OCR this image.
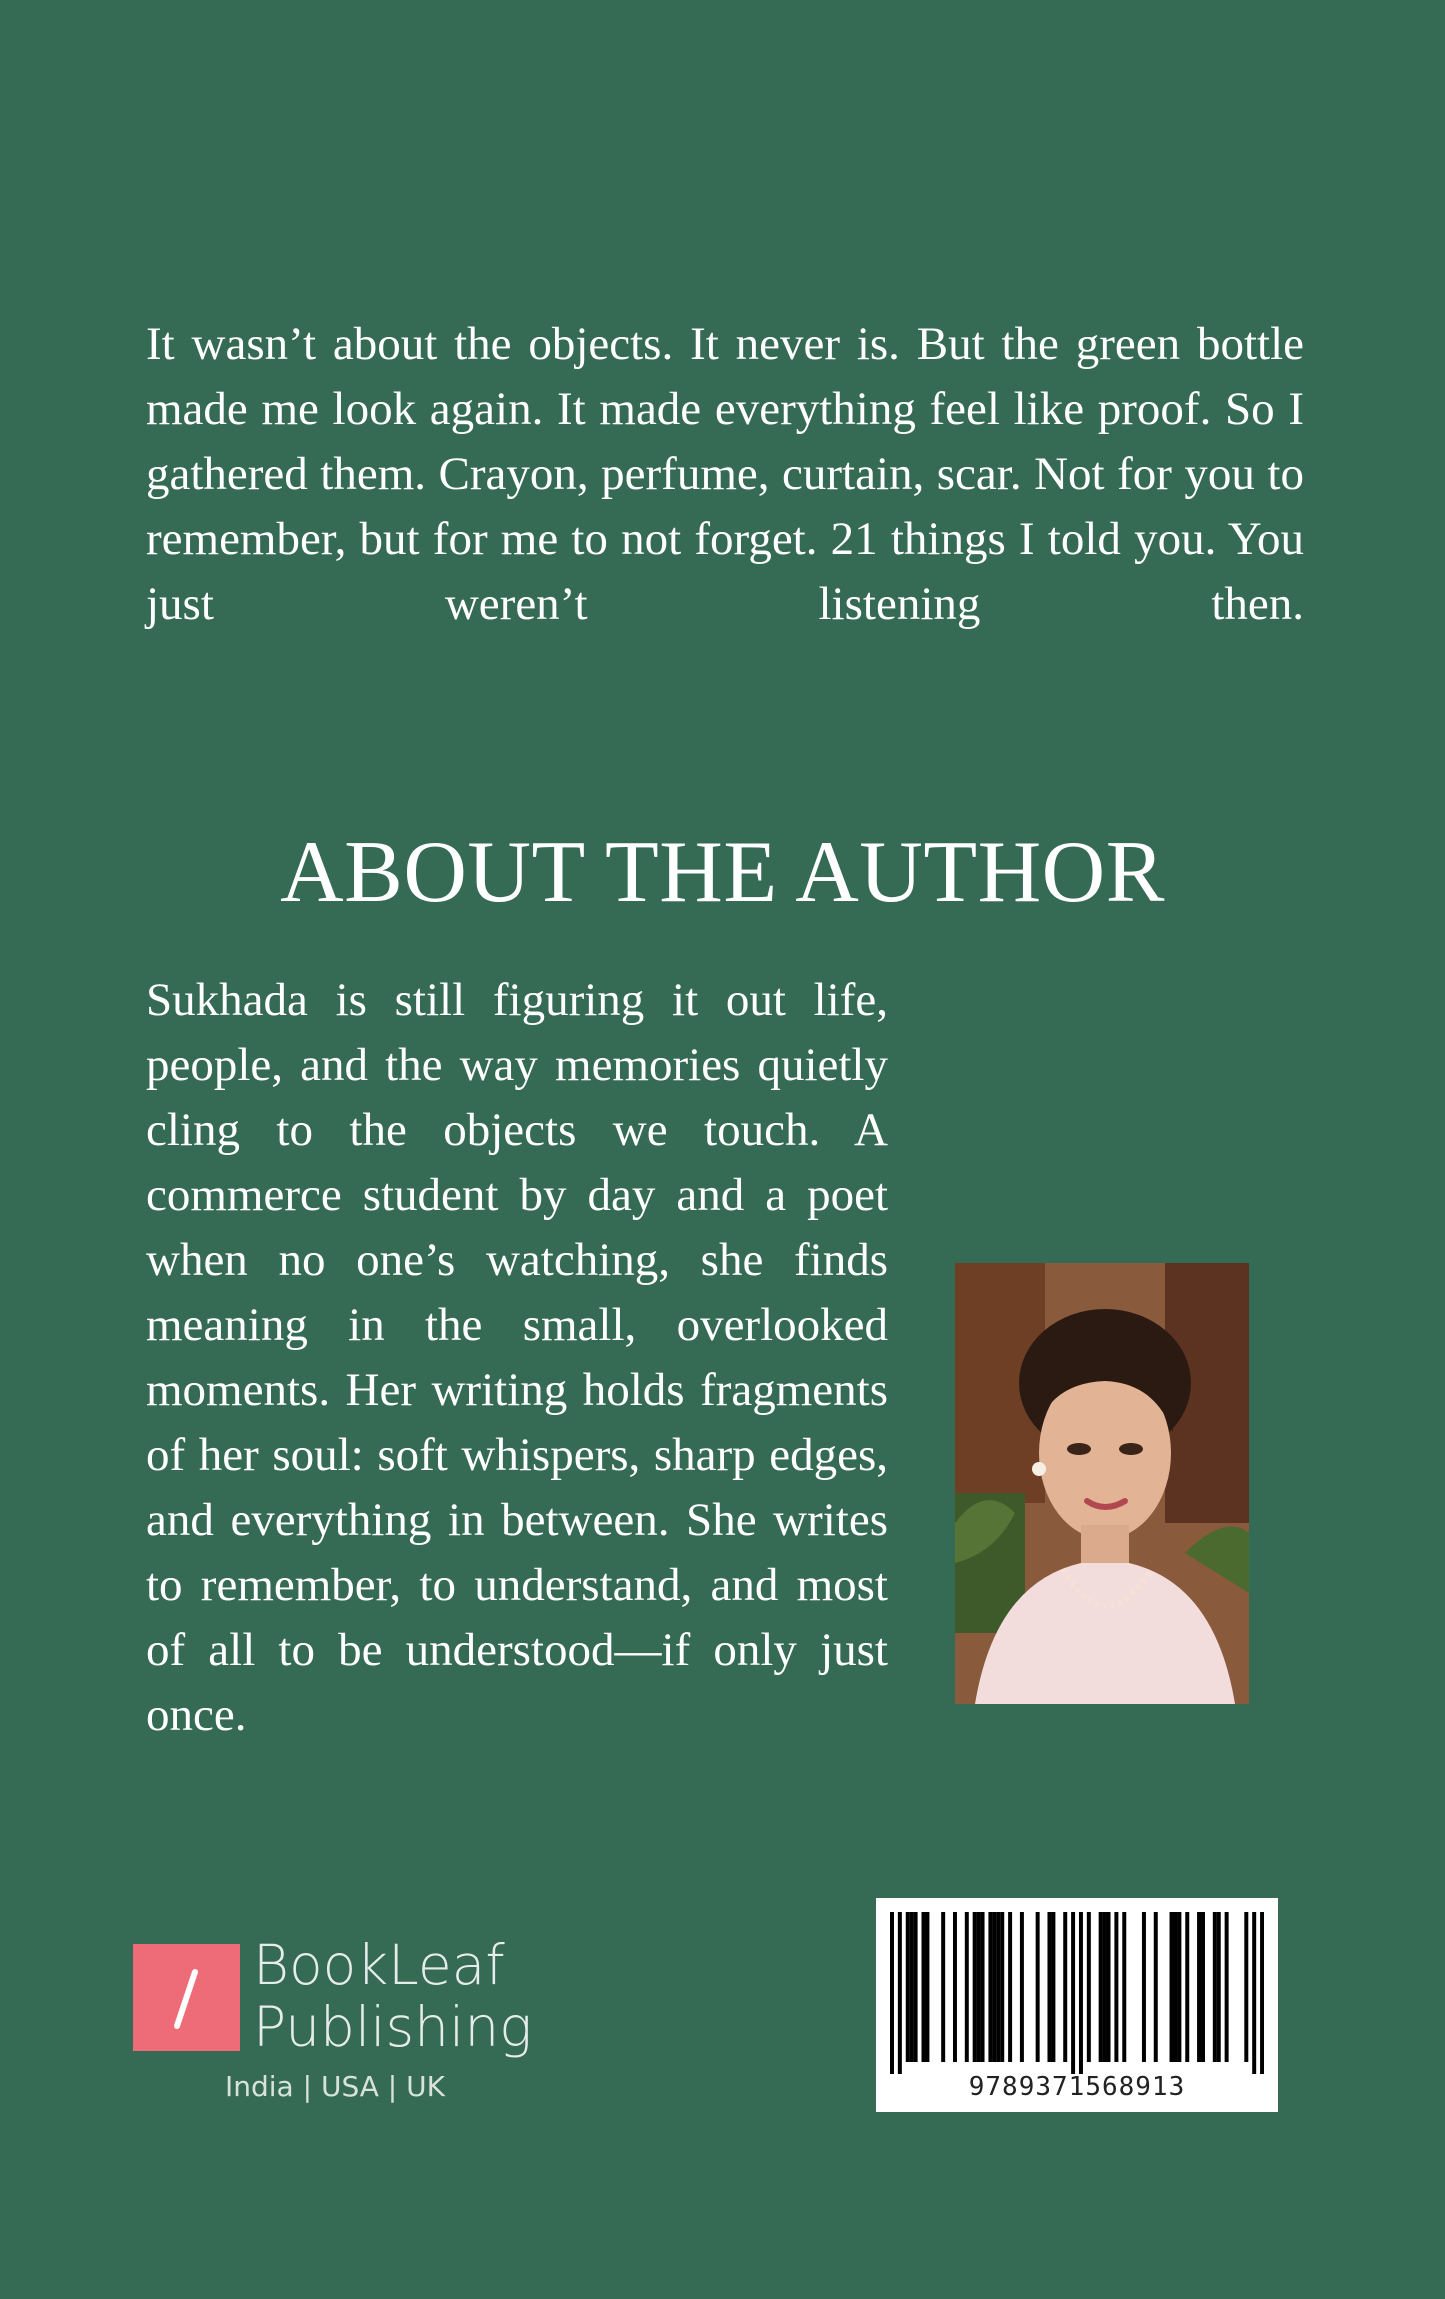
It wasn’t about the objects. It never is. But the green bottle made me look again. It made everything feel like proof. So I gathered them. Crayon, perfume, curtain, scar. Not for you to remember, but for me to not forget. 21 things I told you. You just weren’t listening then.

ABOUT THE AUTHOR

Sukhada is still figuring it out life, people, and the way memories quietly cling to the objects we touch. A commerce student by day and a poet when no one’s watching, she finds meaning in the small, overlooked moments. Her writing holds fragments of her soul: soft whispers, sharp edges, and everything in between. She writes to remember, to understand, and most of all to be understood—if only just once.

BookLeaf
Publishing
India | USA | UK	9789371568913
